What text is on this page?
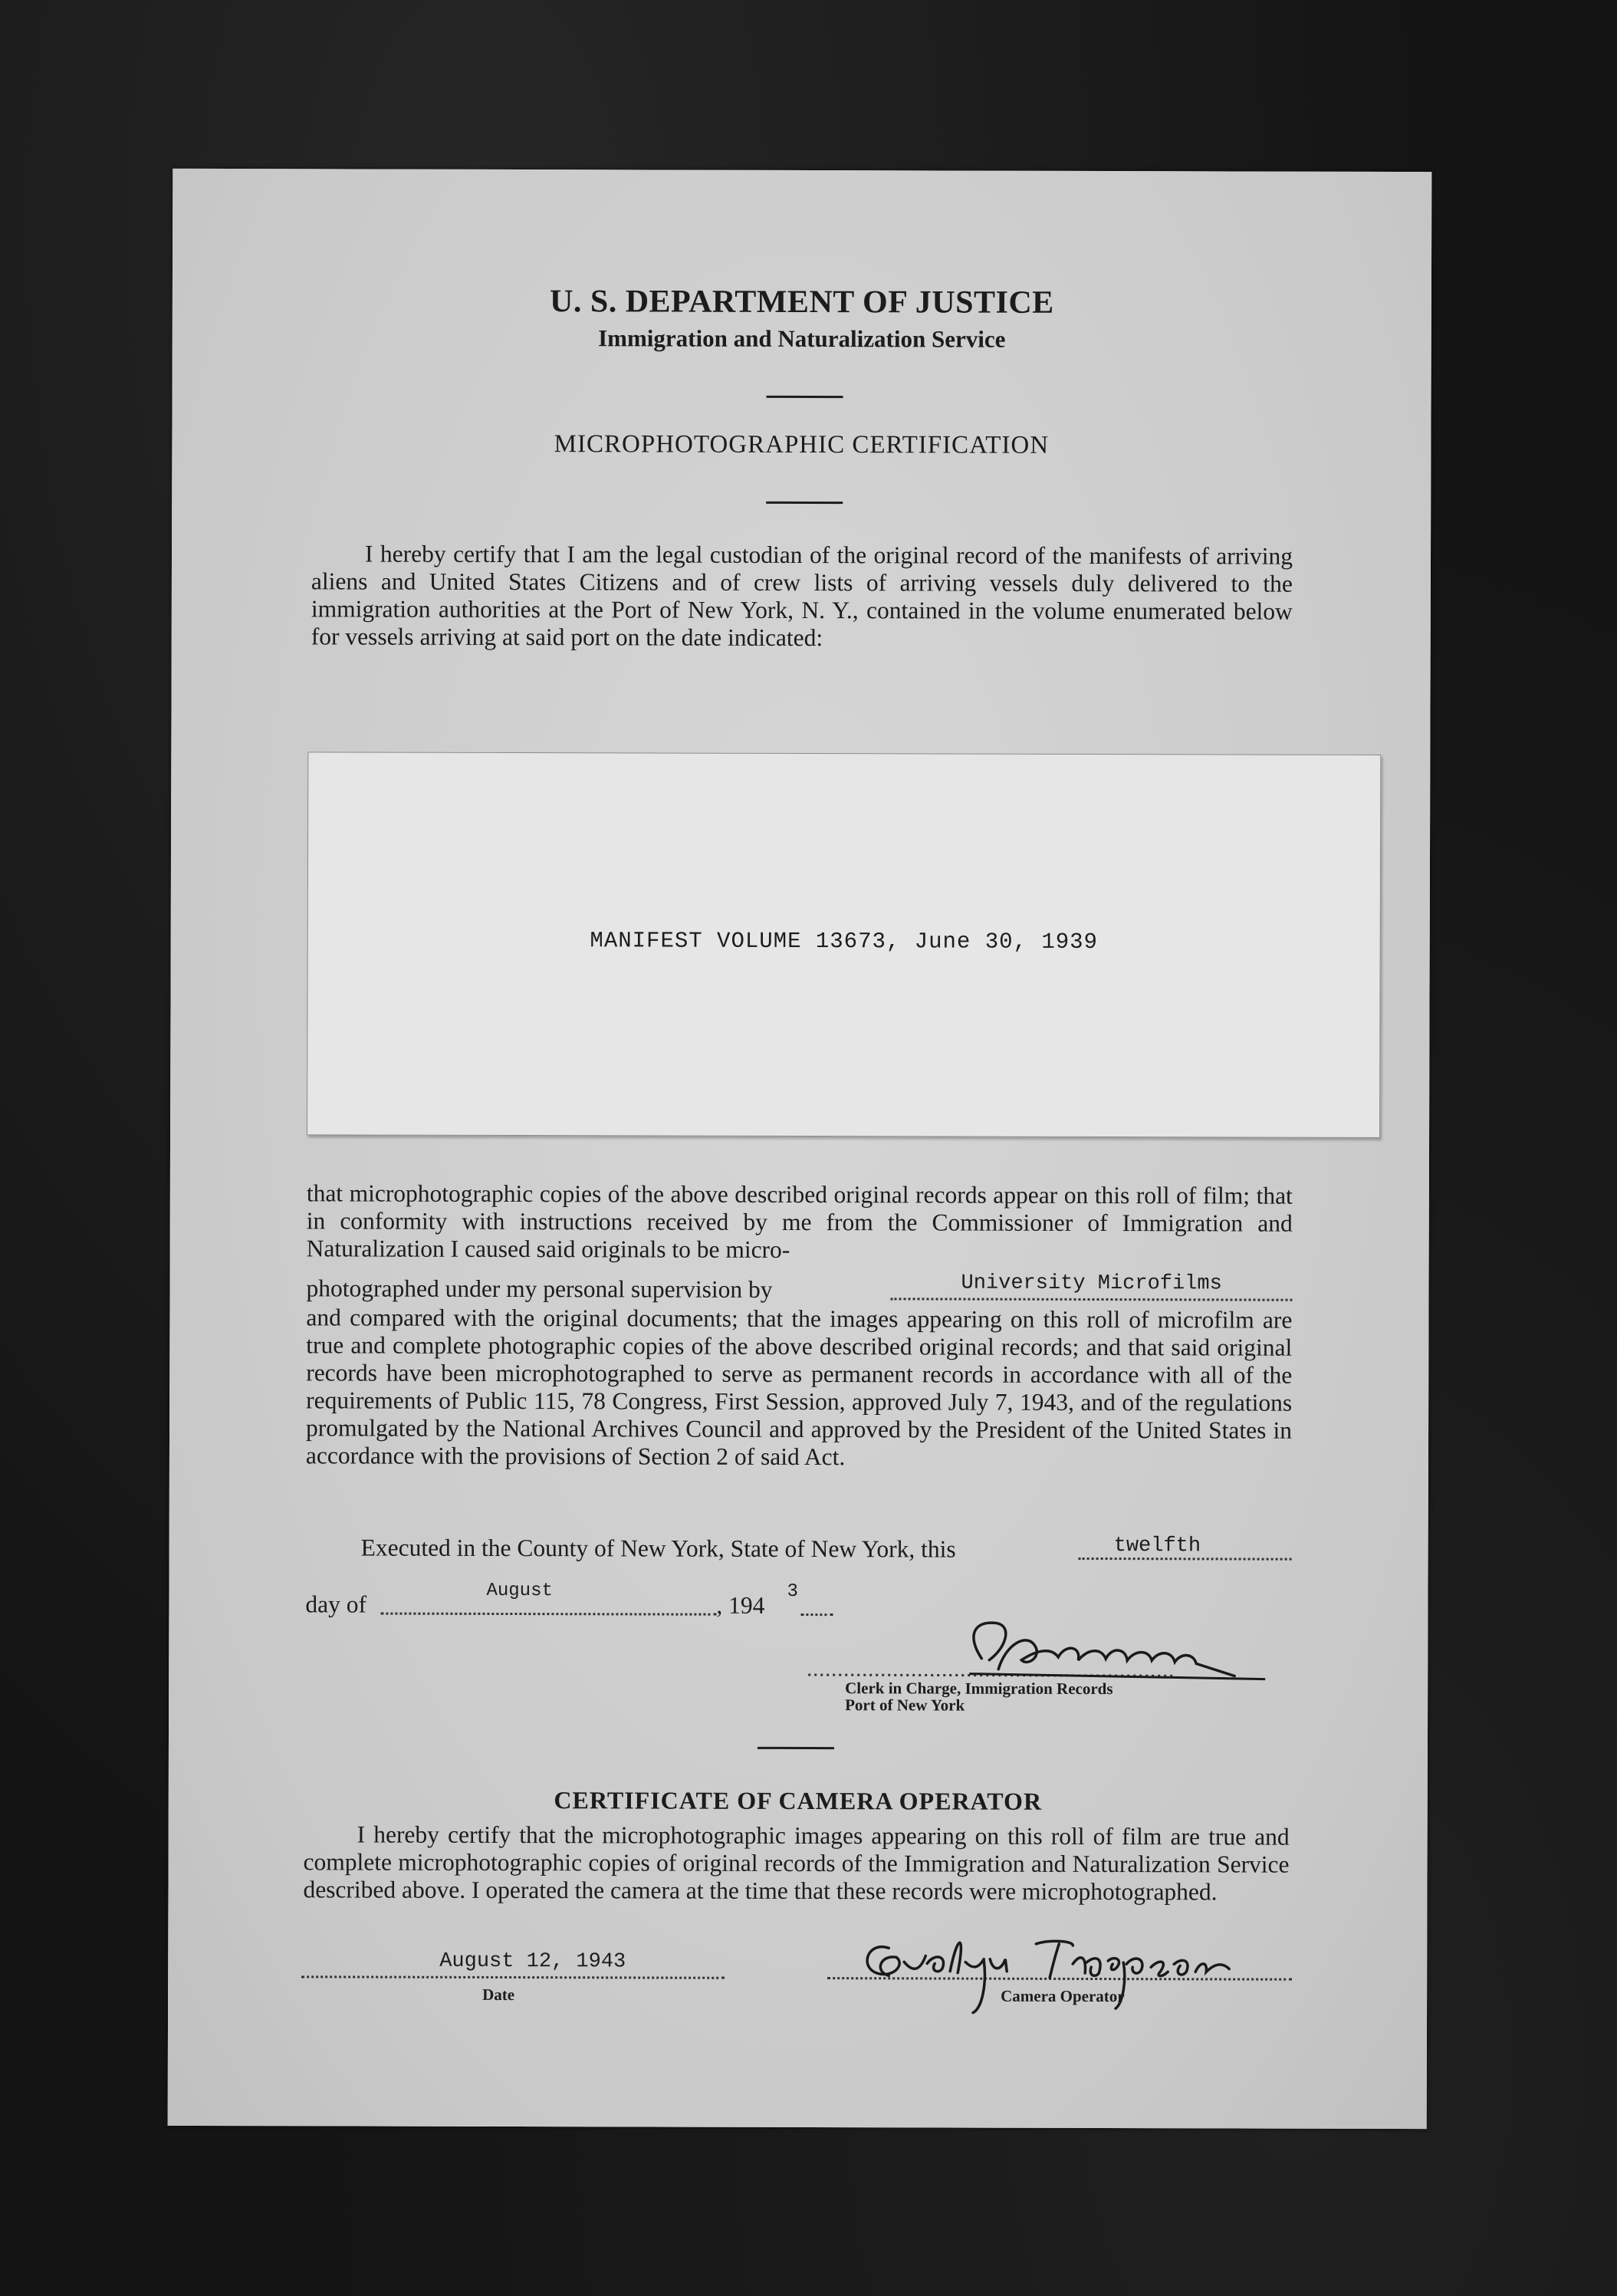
U. S. DEPARTMENT OF JUSTICE
Immigration and Naturalization Service
MICROPHOTOGRAPHIC CERTIFICATION
I hereby certify that I am the legal custodian of the original record of the manifests of arriving aliens and United States Citizens and of crew lists of arriving vessels duly delivered to the immigration authorities at the Port of New York, N. Y., contained in the volume enumerated below for vessels arriving at said port on the date indicated:
MANIFEST VOLUME 13673, June 30, 1939
that microphotographic copies of the above described original records appear on this roll of film; that in conformity with instructions received by me from the Commissioner of Immigration and Naturalization I caused said originals to be micro-
photographed under my personal supervision by	University Microfilms
and compared with the original documents; that the images appearing on this roll of microfilm are true and complete photographic copies of the above described original records; and that said original records have been microphotographed to serve as permanent records in accordance with all of the requirements of Public 115, 78 Congress, First Session, approved July 7, 1943, and of the regulations promulgated by the National Archives Council and approved by the President of the United States in accordance with the provisions of Section 2 of said Act.
Executed in the County of New York, State of New York, this	twelfth
day of	August
, 194
3
Clerk in Charge, Immigration Records
Port of New York
CERTIFICATE OF CAMERA OPERATOR
I hereby certify that the microphotographic images appearing on this roll of film are true and complete microphotographic copies of original records of the Immigration and Naturalization Service described above. I operated the camera at the time that these records were microphotographed.
August 12, 1943
Date	Camera Operator
